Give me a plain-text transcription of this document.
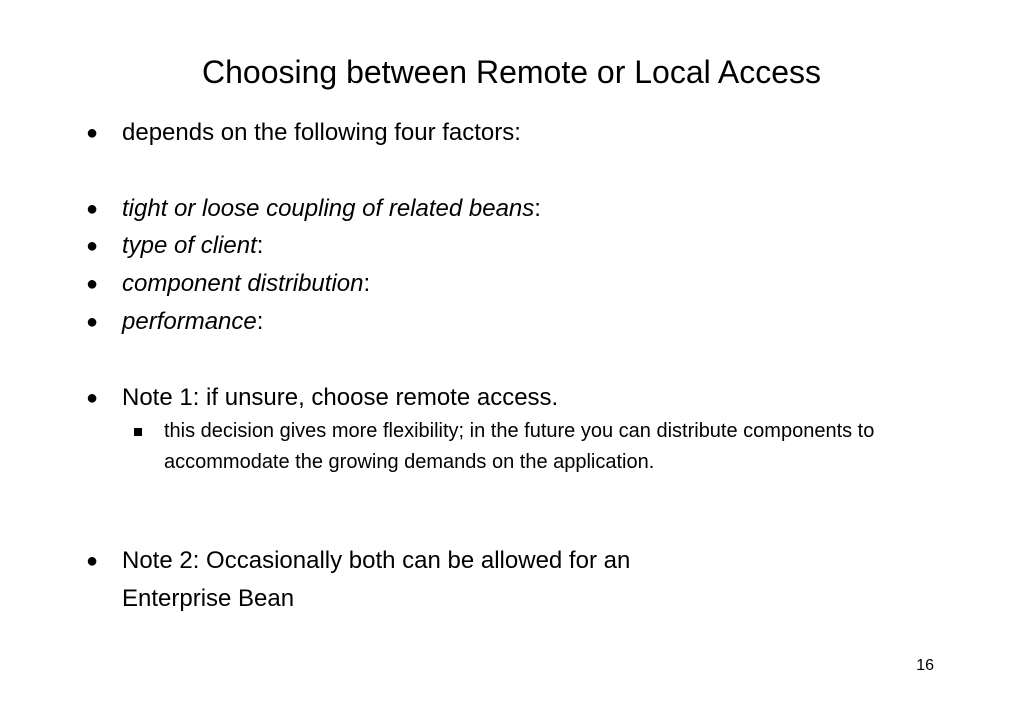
Choosing between Remote or Local Access
● depends on the following four factors:
● tight or loose coupling of related beans:
● type of client:
● component distribution:
● performance:
● Note 1: if unsure, choose remote access.
this decision gives more flexibility; in the future you can distribute components to accommodate the growing demands on the application.
● Note 2: Occasionally both can be allowed for an
Enterprise Bean
16
